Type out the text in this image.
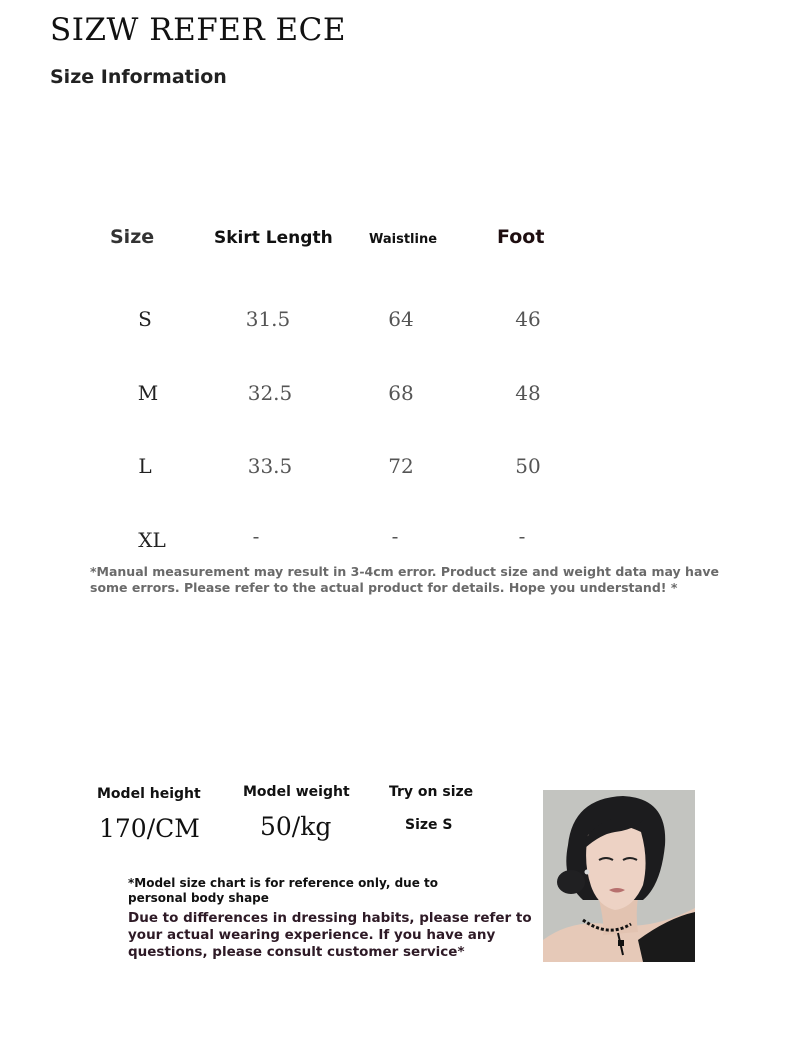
SIZW REFER ECE
Size Information
Size	Skirt Length	Waistline	Foot
S	31.5	64	46
M	32.5	68	48
L	33.5	72	50
XL	-	-	-
*Manual measurement may result in 3-4cm error. Product size and weight data may have some errors. Please refer to the actual product for details. Hope you understand! *
Model height
170/CM
Model weight
50/kg
Try on size
Size S
*Model size chart is for reference only, due to personal body shape
Due to differences in dressing habits, please refer to your actual wearing experience. If you have any questions, please consult customer service*
